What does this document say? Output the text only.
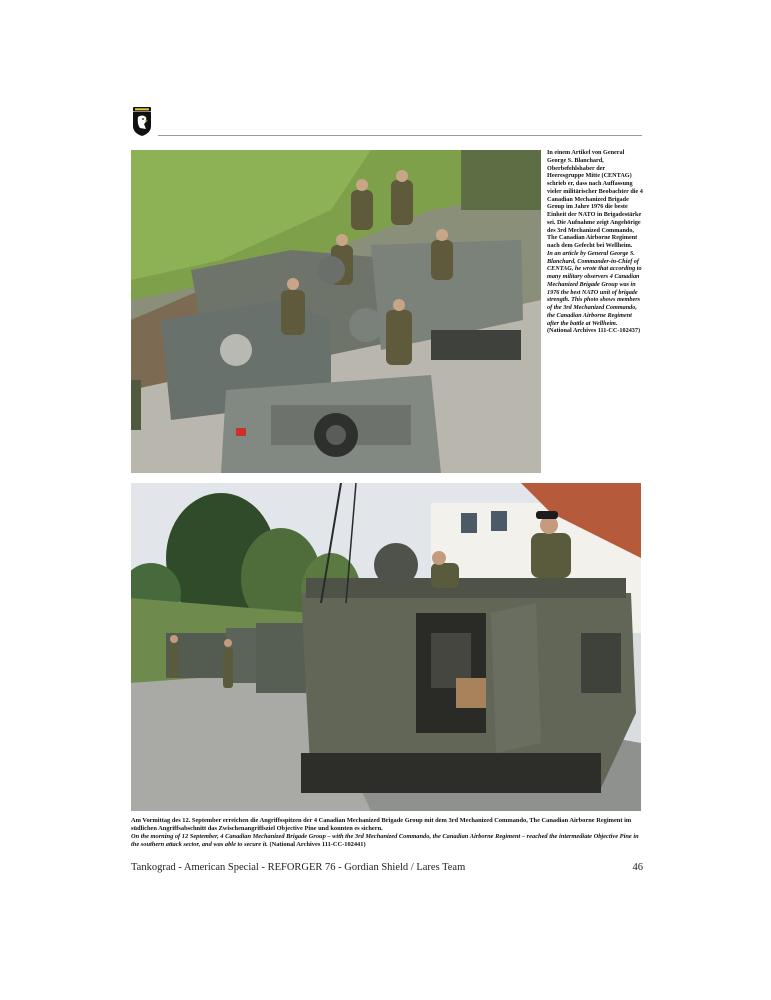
In einem Artikel von General George S. Blanchard, Oberbefehlshaber der Heeresgruppe Mitte (CENTAG) schrieb er, dass nach Auffassung vieler militärischer Beobachter die 4 Canadian Mechanized Brigade Group im Jahre 1976 die beste Einheit der NATO in Brigadestärke sei. Die Aufnahme zeigt Angehörige des 3rd Mechanized Commando, The Canadian Airborne Regiment nach dem Gefecht bei Wellheim.

In an article by General George S. Blanchard, Commander-in-Chief of CENTAG, he wrote that according to many military observers 4 Canadian Mechanized Brigade Group was in 1976 the best NATO unit of brigade strength. This photo shows members of the 3rd Mechanized Commando, the Canadian Airborne Regiment after the battle at Wellheim.

(National Archives 111-CC-102437)

Am Vormittag des 12. September erreichen die Angriffsspitzen der 4 Canadian Mechanized Brigade Group mit dem 3rd Mechanized Commando, The Canadian Airborne Regiment im südlichen Angriffsabschnitt das Zwischenangriffsziel Objective Pine und konnten es sichern.

On the morning of 12 September, 4 Canadian Mechanized Brigade Group – with the 3rd Mechanized Commando, the Canadian Airborne Regiment – reached the intermediate Objective Pine in the southern attack sector, and was able to secure it. (National Archives 111-CC-102441)

Tankograd - American Special - REFORGER 76 - Gordian Shield / Lares Team	46
